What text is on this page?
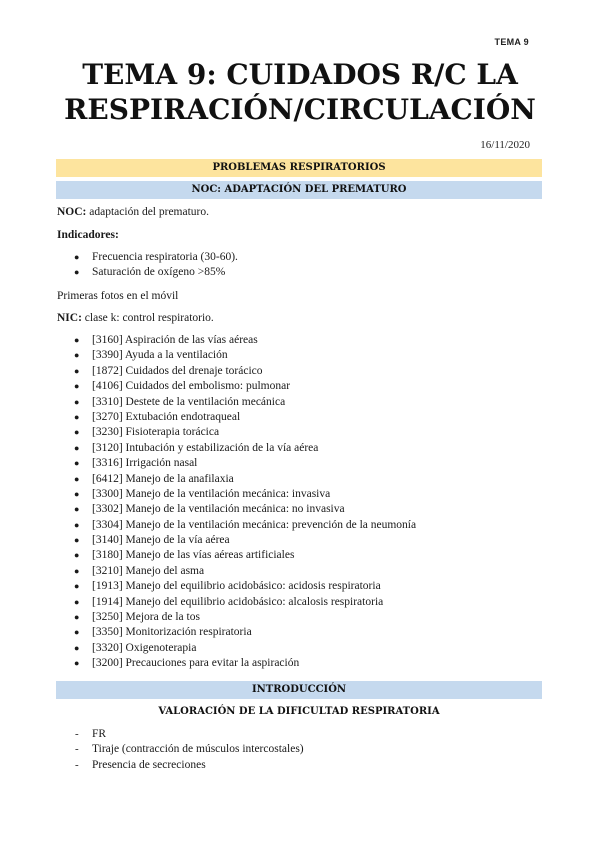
TEMA 9
TEMA 9: CUIDADOS R/C LA
RESPIRACIÓN/CIRCULACIÓN
16/11/2020
PROBLEMAS RESPIRATORIOS
NOC: ADAPTACIÓN DEL PREMATURO
NOC: adaptación del prematuro.
Indicadores:
● Frecuencia respiratoria (30-60).
● Saturación de oxígeno >85%
Primeras fotos en el móvil
NIC: clase k: control respiratorio.
● [3160] Aspiración de las vías aéreas
● [3390] Ayuda a la ventilación
● [1872] Cuidados del drenaje torácico
● [4106] Cuidados del embolismo: pulmonar
● [3310] Destete de la ventilación mecánica
● [3270] Extubación endotraqueal
● [3230] Fisioterapia torácica
● [3120] Intubación y estabilización de la vía aérea
● [3316] Irrigación nasal
● [6412] Manejo de la anafilaxia
● [3300] Manejo de la ventilación mecánica: invasiva
● [3302] Manejo de la ventilación mecánica: no invasiva
● [3304] Manejo de la ventilación mecánica: prevención de la neumonía
● [3140] Manejo de la vía aérea
● [3180] Manejo de las vías aéreas artificiales
● [3210] Manejo del asma
● [1913] Manejo del equilibrio acidobásico: acidosis respiratoria
● [1914] Manejo del equilibrio acidobásico: alcalosis respiratoria
● [3250] Mejora de la tos
● [3350] Monitorización respiratoria
● [3320] Oxigenoterapia
● [3200] Precauciones para evitar la aspiración
INTRODUCCIÓN
VALORACIÓN DE LA DIFICULTAD RESPIRATORIA
- FR
- Tiraje (contracción de músculos intercostales)
- Presencia de secreciones
